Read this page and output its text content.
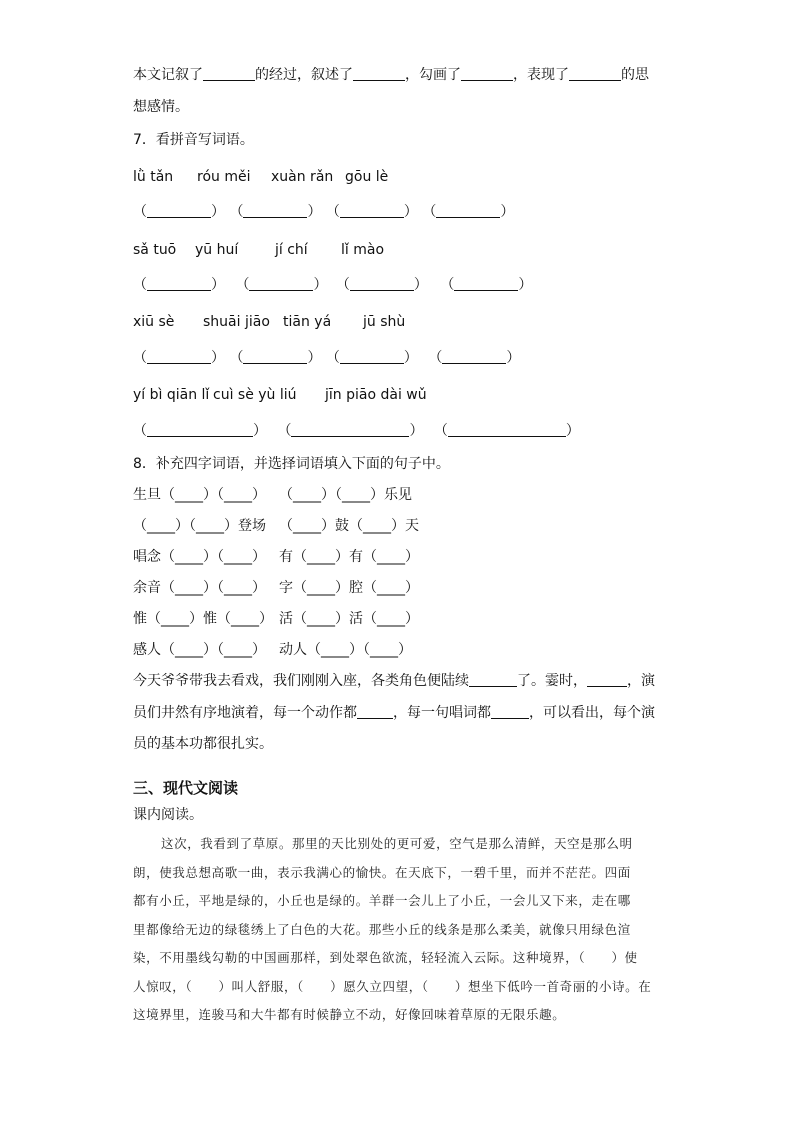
本文记叙了	的经过，叙述了	，勾画了	，表现了	的思
想感情。
7．看拼音写词语。
lǜ tǎn róu měi xuàn rǎn gōu lè
（	） （	） （	） （	）
sǎ tuō yū huí	jí chí lǐ mào
（	） （	） （	） （	）
xiū sè shuāi jiāo tiān yá jū shù
（	） （	） （	） （	）
yí bì qiān lǐ cuì sè yù liú jīn piāo dài wǔ
（	） （	） （	）
8．补充四字词语，并选择词语填入下面的句子中。
生旦（____）（____） （____）（____）乐见
（____）（____）登场 （____）鼓（____）天
唱念（____）（____） 有（____）有（____）
余音（____）（____） 字（____）腔（____）
惟（____）惟（____） 活（____）活（____）
感人（____）（____） 动人（____）（____）
今天爷爷带我去看戏，我们刚刚入座，各类角色便陆续	了。霎时，	，演
员们井然有序地演着，每一个动作都	，每一句唱词都	，可以看出，每个演
员的基本功都很扎实。
三、现代文阅读
课内阅读。
这次，我看到了草原。那里的天比别处的更可爱，空气是那么清鲜，天空是那么明
朗，使我总想高歌一曲，表示我满心的愉快。在天底下，一碧千里，而并不茫茫。四面
都有小丘，平地是绿的，小丘也是绿的。羊群一会儿上了小丘，一会儿又下来，走在哪
里都像给无边的绿毯绣上了白色的大花。那些小丘的线条是那么柔美，就像只用绿色渲
染，不用墨线勾勒的中国画那样，到处翠色欲流，轻轻流入云际。这种境界，（　　）使
人惊叹，（　　）叫人舒服，（　　）愿久立四望，（　　）想坐下低吟一首奇丽的小诗。在
这境界里，连骏马和大牛都有时候静立不动，好像回味着草原的无限乐趣。
